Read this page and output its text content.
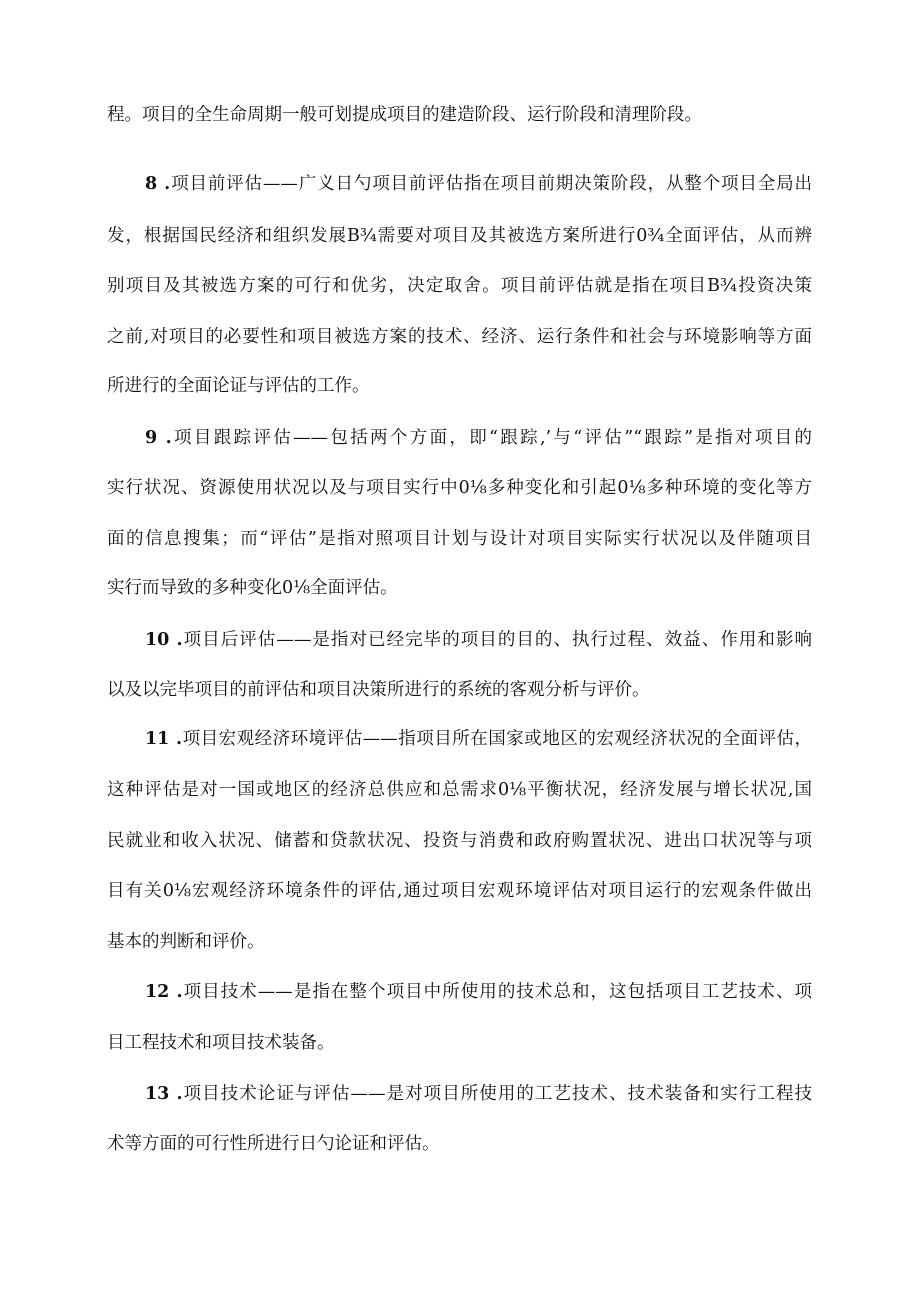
程。项目的全生命周期一般可划提成项目的建造阶段、运行阶段和清理阶段。
8 .项目前评估——广义日勺项目前评估指在项目前期决策阶段，从整个项目全局出
发，根据国民经济和组织发展B¾需要对项目及其被选方案所进行0¾全面评估，从而辨
别项目及其被选方案的可行和优劣，决定取舍。项目前评估就是指在项目B¾投资决策
之前,对项目的必要性和项目被选方案的技术、经济、运行条件和社会与环境影响等方面
所进行的全面论证与评估的工作。
9 .项目跟踪评估——包括两个方面，即“跟踪,’与“评估”“跟踪”是指对项目的
实行状况、资源使用状况以及与项目实行中0⅛多种变化和引起0⅛多种环境的变化等方
面的信息搜集；而“评估”是指对照项目计划与设计对项目实际实行状况以及伴随项目
实行而导致的多种变化0⅛全面评估。
10 .项目后评估——是指对已经完毕的项目的目的、执行过程、效益、作用和影响
以及以完毕项目的前评估和项目决策所进行的系统的客观分析与评价。
11 .项目宏观经济环境评估——指项目所在国家或地区的宏观经济状况的全面评估，
这种评估是对一国或地区的经济总供应和总需求0⅛平衡状况，经济发展与增长状况,国
民就业和收入状况、储蓄和贷款状况、投资与消费和政府购置状况、进出口状况等与项
目有关0⅛宏观经济环境条件的评估,通过项目宏观环境评估对项目运行的宏观条件做出
基本的判断和评价。
12 .项目技术——是指在整个项目中所使用的技术总和，这包括项目工艺技术、项
目工程技术和项目技术装备。
13 .项目技术论证与评估——是对项目所使用的工艺技术、技术装备和实行工程技
术等方面的可行性所进行日勺论证和评估。
